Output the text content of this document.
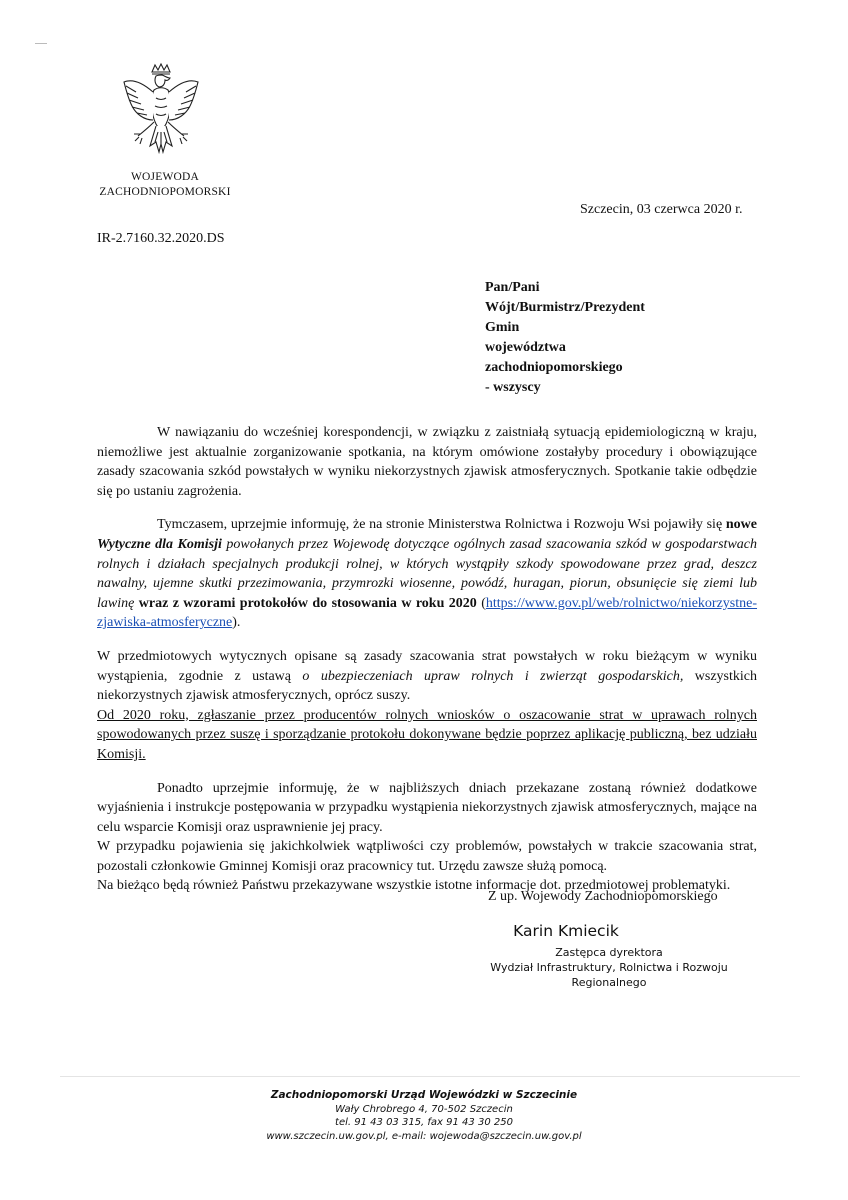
WOJEWODA
ZACHODNIOPOMORSKI
Szczecin, 03 czerwca 2020 r.
IR-2.7160.32.2020.DS
Pan/Pani
Wójt/Burmistrz/Prezydent
Gmin
województwa
zachodniopomorskiego
- wszyscy

W nawiązaniu do wcześniej korespondencji, w związku z zaistniałą sytuacją epidemiologiczną w kraju, niemożliwe jest aktualnie zorganizowanie spotkania, na którym omówione zostałyby procedury i obowiązujące zasady szacowania szkód powstałych w wyniku niekorzystnych zjawisk atmosferycznych. Spotkanie takie odbędzie się po ustaniu zagrożenia.

Tymczasem, uprzejmie informuję, że na stronie Ministerstwa Rolnictwa i Rozwoju Wsi pojawiły się nowe Wytyczne dla Komisji powołanych przez Wojewodę dotyczące ogólnych zasad szacowania szkód w gospodarstwach rolnych i działach specjalnych produkcji rolnej, w których wystąpiły szkody spowodowane przez grad, deszcz nawalny, ujemne skutki przezimowania, przymrozki wiosenne, powódź, huragan, piorun, obsunięcie się ziemi lub lawinę wraz z wzorami protokołów do stosowania w roku 2020 (https://www.gov.pl/web/rolnictwo/niekorzystne-zjawiska-atmosferyczne).

W przedmiotowych wytycznych opisane są zasady szacowania strat powstałych w roku bieżącym w wyniku wystąpienia, zgodnie z ustawą o ubezpieczeniach upraw rolnych i zwierząt gospodarskich, wszystkich niekorzystnych zjawisk atmosferycznych, oprócz suszy.

Od 2020 roku, zgłaszanie przez producentów rolnych wniosków o oszacowanie strat w uprawach rolnych spowodowanych przez suszę i sporządzanie protokołu dokonywane będzie poprzez aplikację publiczną, bez udziału Komisji.

Ponadto uprzejmie informuję, że w najbliższych dniach przekazane zostaną również dodatkowe wyjaśnienia i instrukcje postępowania w przypadku wystąpienia niekorzystnych zjawisk atmosferycznych, mające na celu wsparcie Komisji oraz usprawnienie jej pracy.

W przypadku pojawienia się jakichkolwiek wątpliwości czy problemów, powstałych w trakcie szacowania strat, pozostali członkowie Gminnej Komisji oraz pracownicy tut. Urzędu zawsze służą pomocą.

Na bieżąco będą również Państwu przekazywane wszystkie istotne informacje dot. przedmiotowej problematyki.

Z up. Wojewody Zachodniopomorskiego
Karin Kmiecik
Zastępca dyrektora
Wydział Infrastruktury, Rolnictwa i Rozwoju
Regionalnego
Zachodniopomorski Urząd Wojewódzki w Szczecinie
Wały Chrobrego 4, 70-502 Szczecin
tel. 91 43 03 315, fax 91 43 30 250
www.szczecin.uw.gov.pl, e-mail: wojewoda@szczecin.uw.gov.pl
